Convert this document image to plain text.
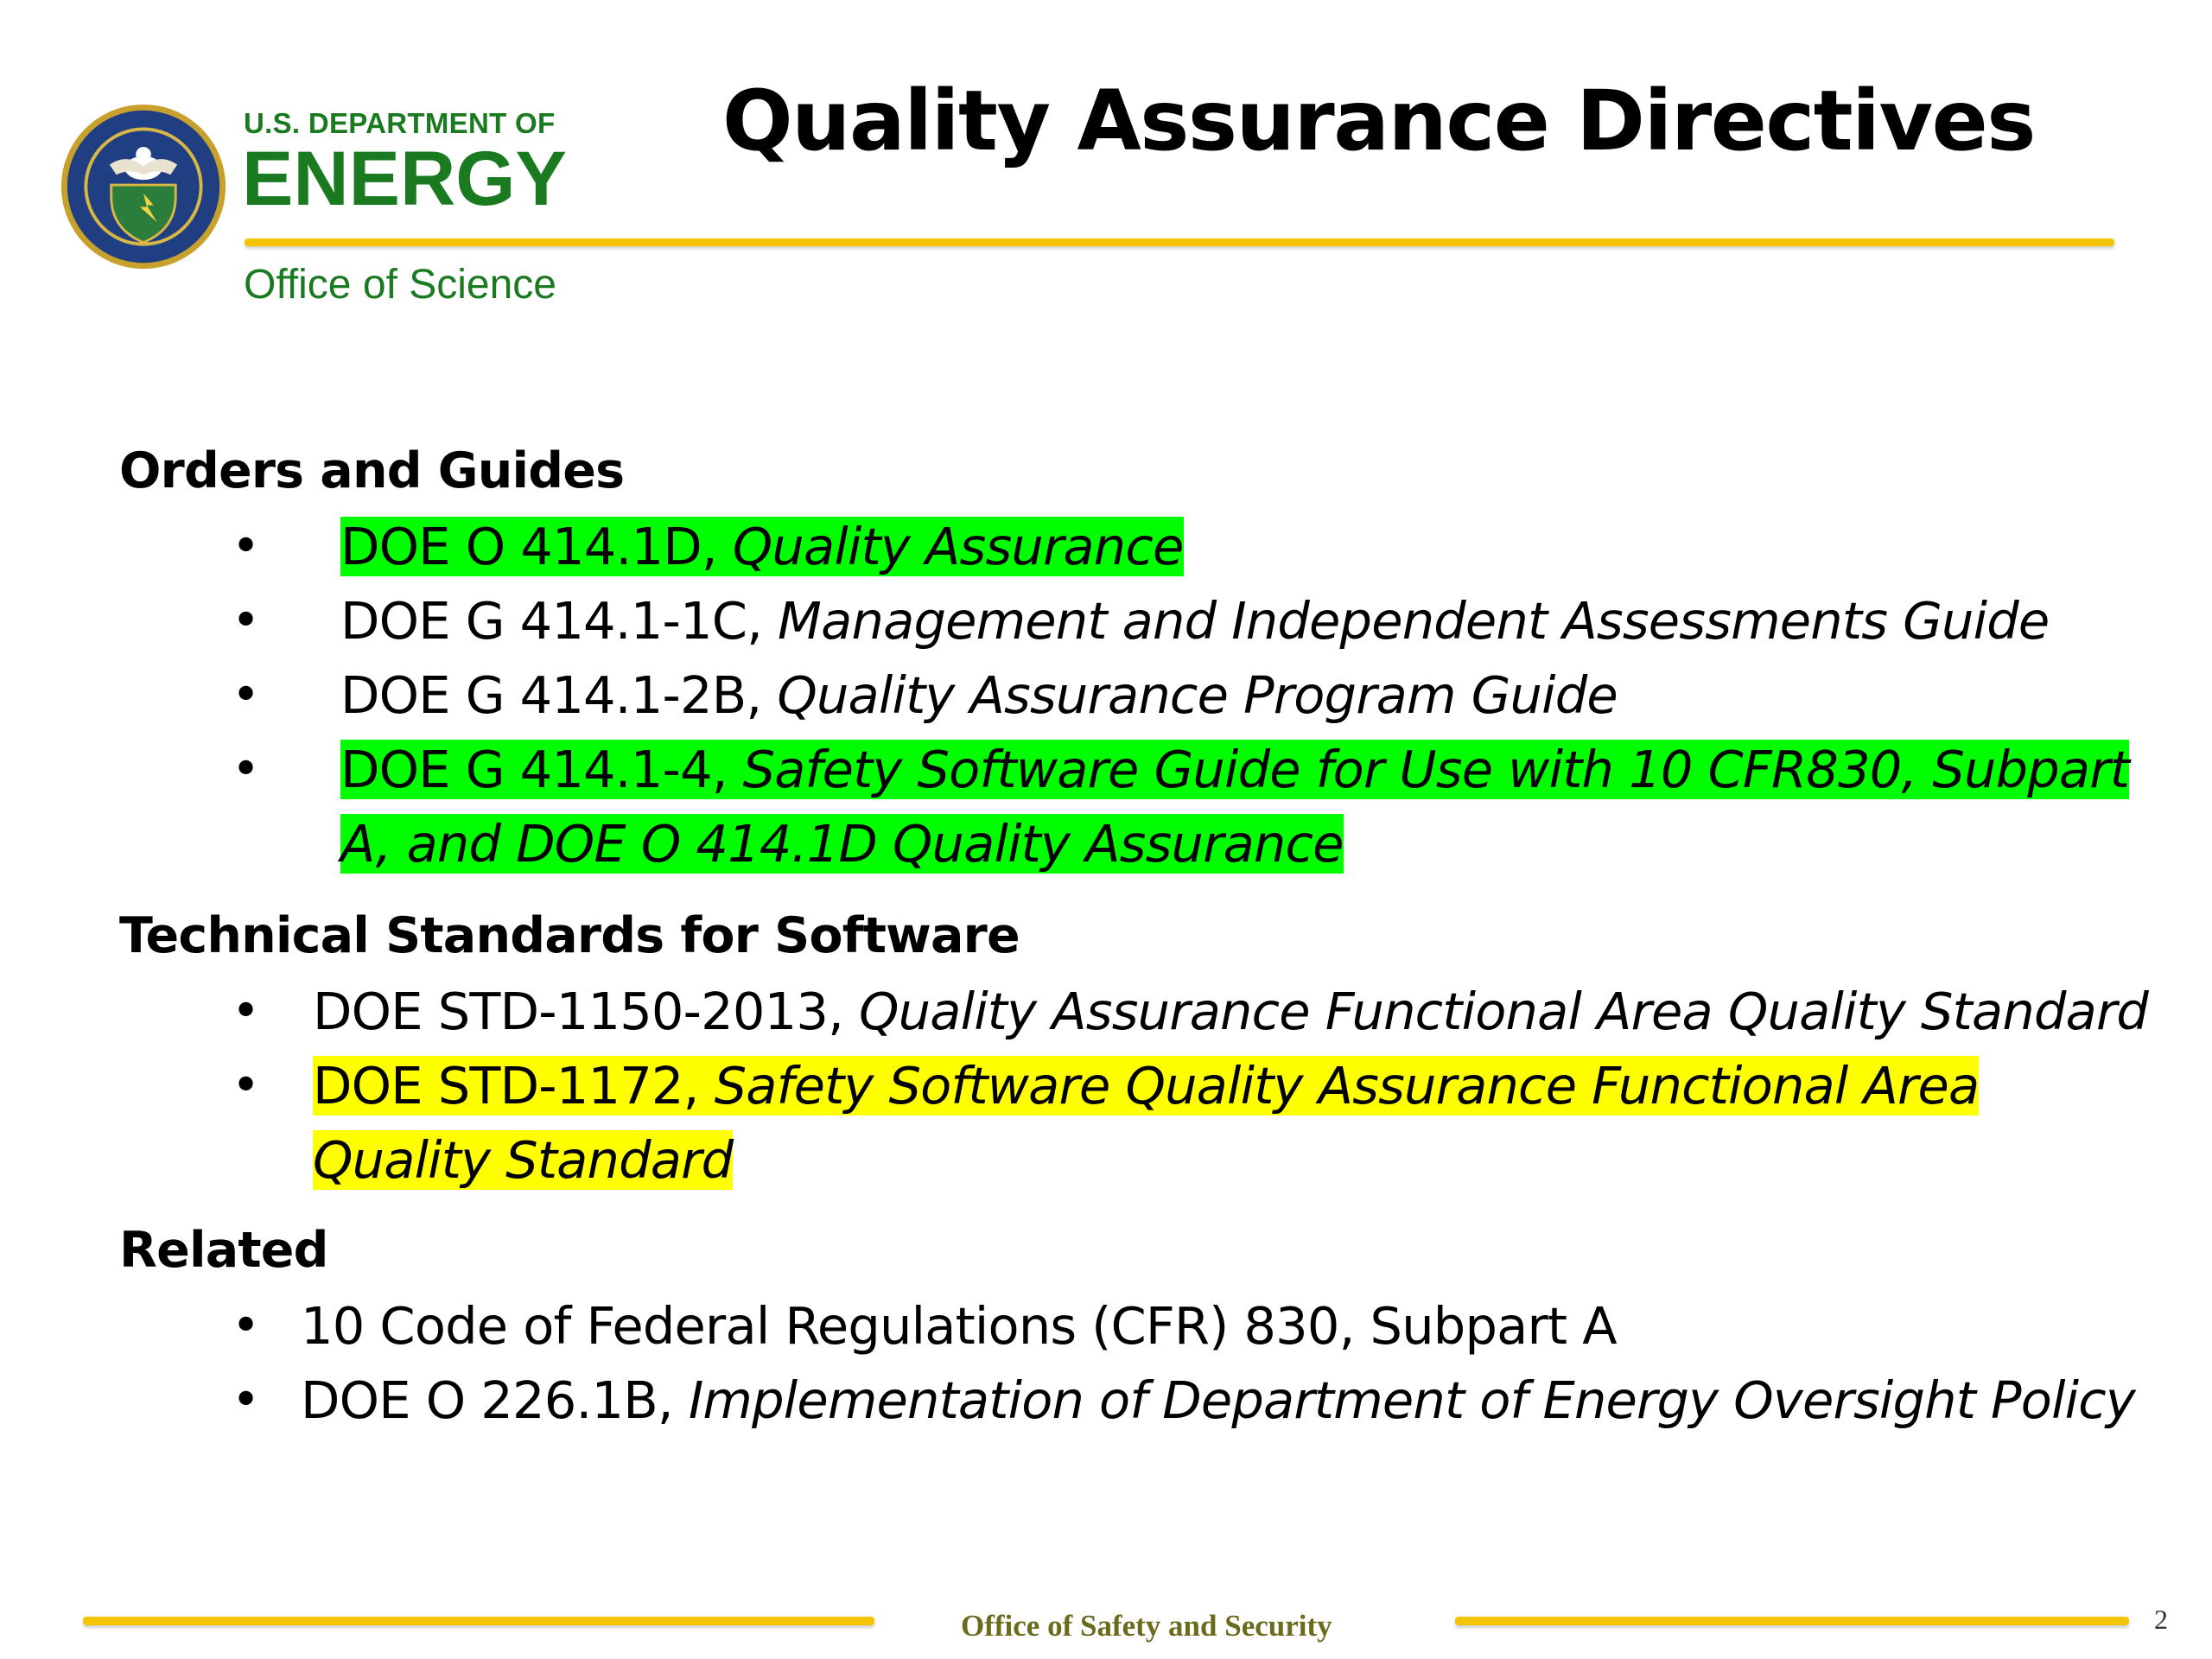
U.S. DEPARTMENT OF
ENERGY
Office of Science
Quality Assurance Directives
Orders and Guides
• DOE O 414.1D, Quality Assurance
• DOE G 414.1-1C, Management and Independent Assessments Guide
• DOE G 414.1-2B, Quality Assurance Program Guide
• DOE G 414.1-4, Safety Software Guide for Use with 10 CFR830, Subpart
A, and DOE O 414.1D Quality Assurance
Technical Standards for Software
• DOE STD-1150-2013, Quality Assurance Functional Area Quality Standard
• DOE STD-1172, Safety Software Quality Assurance Functional Area
Quality Standard
Related
• 10 Code of Federal Regulations (CFR) 830, Subpart A
• DOE O 226.1B, Implementation of Department of Energy Oversight Policy
Office of Safety and Security	2
